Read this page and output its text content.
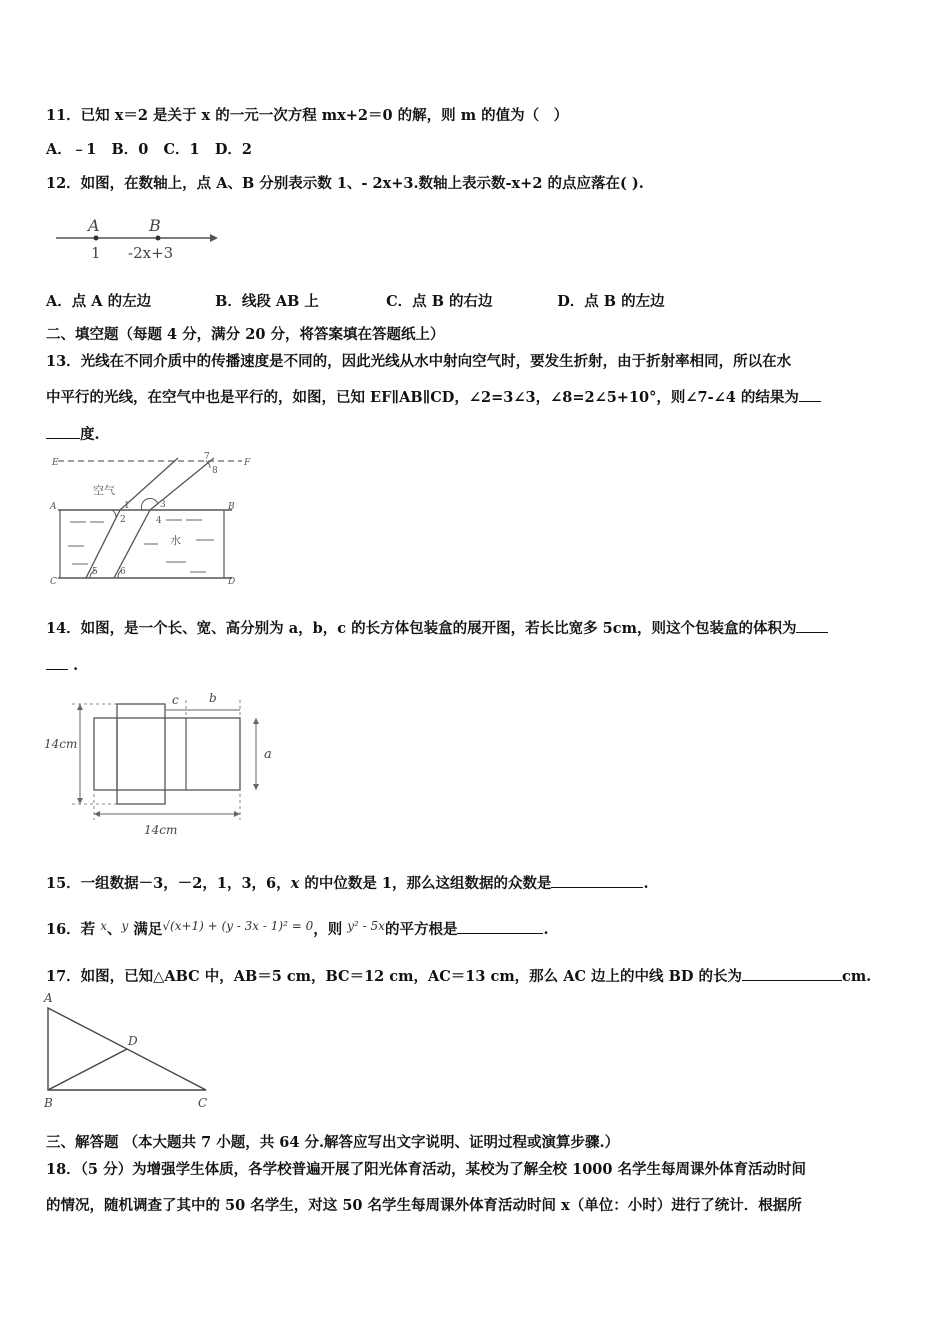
11．已知 x＝2 是关于 x 的一元一次方程 mx+2＝0 的解，则 m 的值为（　）
A．﹣1 B．0 C．1 D．2
12．如图，在数轴上，点 A、B 分别表示数 1、- 2x+3.数轴上表示数-x+2 的点应落在( ).
A	B
1 -2x+3
A．点 A 的左边	B．线段 AB 上	C．点 B 的右边	D．点 B 的左边
二、填空题（每题 4 分，满分 20 分，将答案填在答题纸上）
13．光线在不同介质中的传播速度是不同的，因此光线从水中射向空气时，要发生折射，由于折射率相同，所以在水
中平行的光线，在空气中也是平行的，如图，已知 EF∥AB∥CD，∠2=3∠3，∠8=2∠5+10°，则∠7-∠4 的结果为
度.
E	F
A	B
C	D
空气
水
1
2
3
4
5 6
7
8
14．如图，是一个长、宽、高分别为 a，b，c 的长方体包装盒的展开图，若长比宽多 5cm，则这个包装盒的体积为
.
14cm
14cm
c	b
a
15．一组数据－3，－2，1，3，6，x 的中位数是 1，那么这组数据的众数是	.
16．若 $^x$、$^y$ 满足$^{√(x+1) + (y - 3x - 1)^2 = 0}$，则 $^{y^2 - 5x}$的平方根是	.
17．如图，已知△ABC 中，AB＝5 cm，BC＝12 cm，AC＝13 cm，那么 AC 边上的中线 BD 的长为	cm.
A
D
B	C
三、解答题 （本大题共 7 小题，共 64 分.解答应写出文字说明、证明过程或演算步骤.）
18．（5 分）为增强学生体质，各学校普遍开展了阳光体育活动，某校为了解全校 1000 名学生每周课外体育活动时间
的情况，随机调查了其中的 50 名学生，对这 50 名学生每周课外体育活动时间 x（单位：小时）进行了统计．根据所
